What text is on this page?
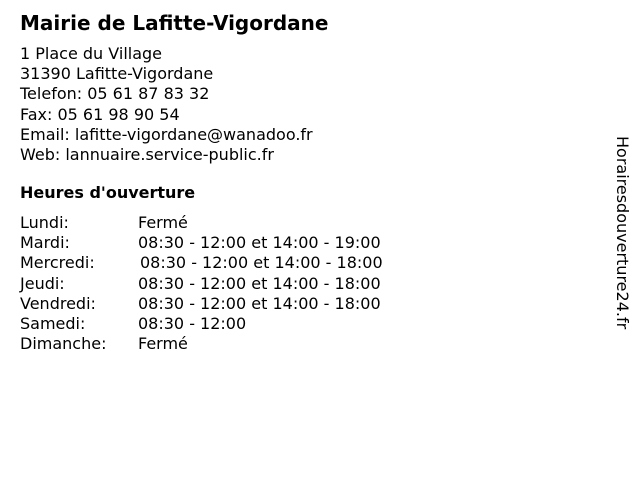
Mairie de Lafitte-Vigordane
1 Place du Village
31390 Lafitte-Vigordane
Telefon: 05 61 87 83 32
Fax: 05 61 98 90 54
Email: lafitte-vigordane@wanadoo.fr
Web: lannuaire.service-public.fr
Heures d'ouverture
Lundi:	Fermé
Mardi:	08:30 - 12:00 et 14:00 - 19:00
Mercredi:	08:30 - 12:00 et 14:00 - 18:00
Jeudi:	08:30 - 12:00 et 14:00 - 18:00
Vendredi:	08:30 - 12:00 et 14:00 - 18:00
Samedi:	08:30 - 12:00
Dimanche: Fermé
Horairesdouverture24.fr
